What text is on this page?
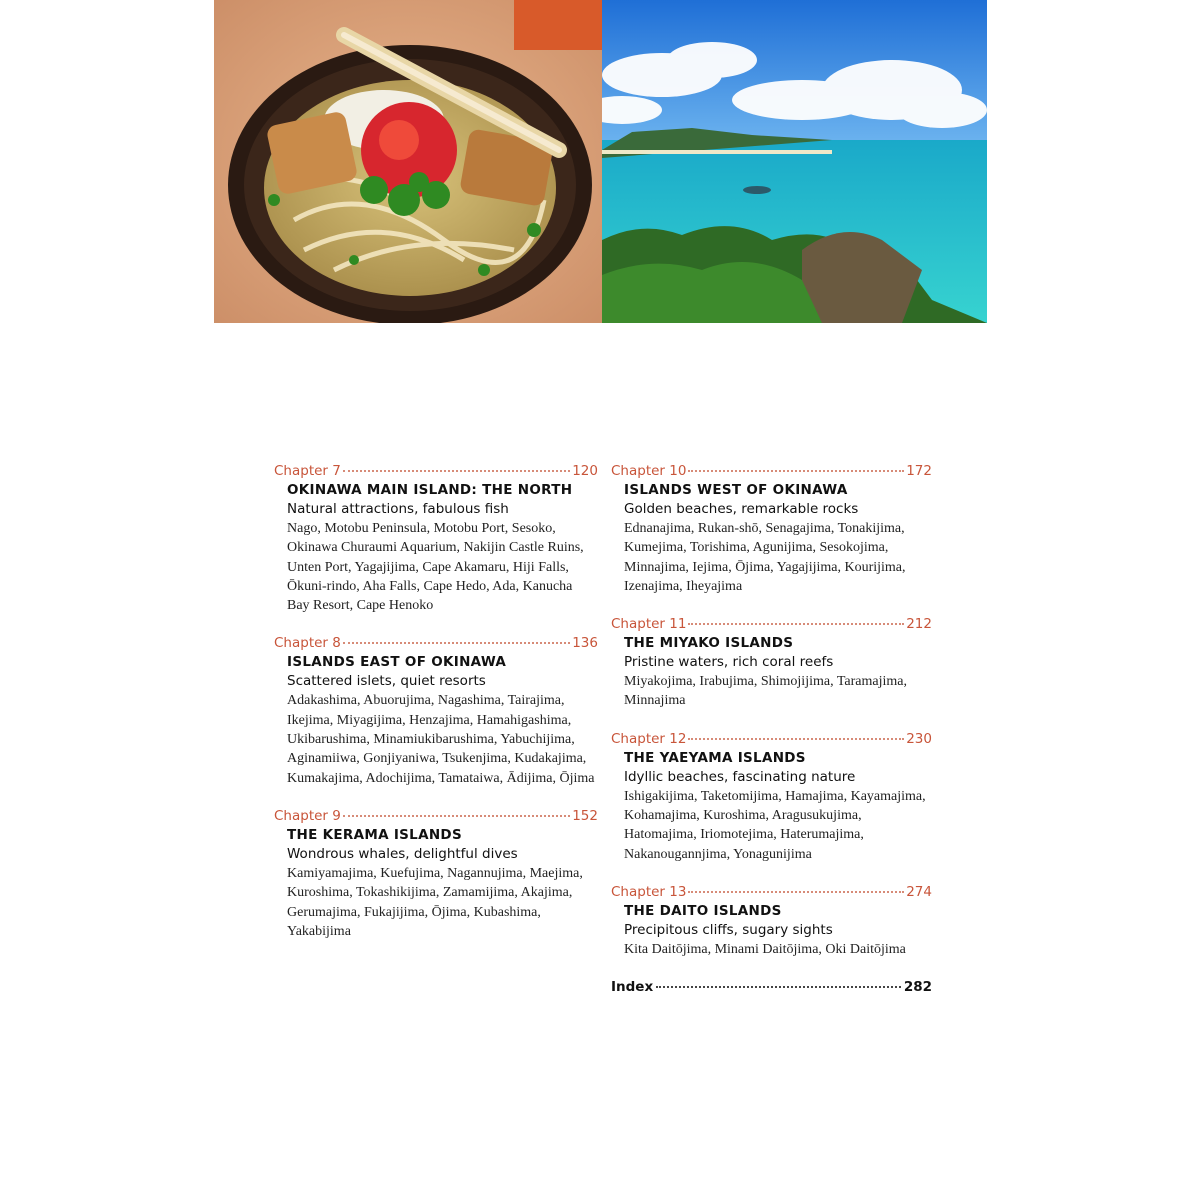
Chapter 7	120
OKINAWA MAIN ISLAND: THE NORTH
Natural attractions, fabulous fish
Nago, Motobu Peninsula, Motobu Port, Sesoko, Okinawa Churaumi Aquarium, Nakijin Castle Ruins, Unten Port, Yagajijima, Cape Akamaru, Hiji Falls, Ōkuni-rindo, Aha Falls, Cape Hedo, Ada, Kanucha Bay Resort, Cape Henoko
Chapter 8	136
ISLANDS EAST OF OKINAWA
Scattered islets, quiet resorts
Adakashima, Abuorujima, Nagashima, Tairajima, Ikejima, Miyagijima, Henzajima, Hamahigashima, Ukibarushima, Minamiukibarushima, Yabuchijima, Aginamiiwa, Gonjiyaniwa, Tsukenjima, Kudakajima, Kumakajima, Adochijima, Tamataiwa, Ādijima, Ōjima
Chapter 9	152
THE KERAMA ISLANDS
Wondrous whales, delightful dives
Kamiyamajima, Kuefujima, Nagannujima, Maejima, Kuroshima, Tokashikijima, Zamamijima, Akajima, Gerumajima, Fukajijima, Ōjima, Kubashima, Yakabijima
Chapter 10	172
ISLANDS WEST OF OKINAWA
Golden beaches, remarkable rocks
Ednanajima, Rukan-shō, Senagajima, Tonakijima, Kumejima, Torishima, Agunijima, Sesokojima, Minnajima, Iejima, Ōjima, Yagajijima, Kourijima, Izenajima, Iheyajima
Chapter 11	212
THE MIYAKO ISLANDS
Pristine waters, rich coral reefs
Miyakojima, Irabujima, Shimojijima, Taramajima, Minnajima
Chapter 12	230
THE YAEYAMA ISLANDS
Idyllic beaches, fascinating nature
Ishigakijima, Taketomijima, Hamajima, Kayamajima, Kohamajima, Kuroshima, Aragusukujima, Hatomajima, Iriomotejima, Haterumajima, Nakanougannjima, Yonagunijima
Chapter 13	274
THE DAITO ISLANDS
Precipitous cliffs, sugary sights
Kita Daitōjima, Minami Daitōjima, Oki Daitōjima
Index	282
